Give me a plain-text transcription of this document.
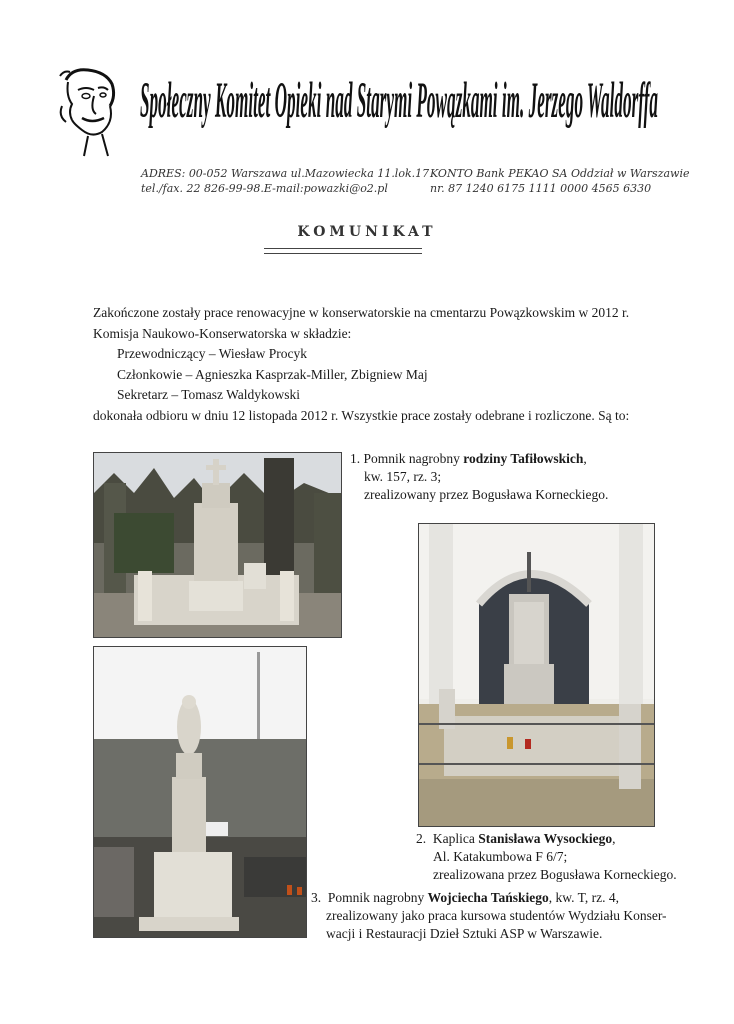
Społeczny Komitet Opieki nad Starymi Powązkami im. Jerzego Waldorffa
ADRES: 00-052 Warszawa ul.Mazowiecka 11.lok.17
tel./fax. 22 826-99-98.E-mail:powazki@o2.pl
KONTO Bank PEKAO SA Oddział w Warszawie
nr. 87 1240 6175 1111 0000 4565 6330
KOMUNIKAT
Zakończone zostały prace renowacyjne w konserwatorskie na cmentarzu Powązkowskim w 2012 r.
Komisja Naukowo-Konserwatorska w składzie:
Przewodniczący – Wiesław Procyk
Członkowie – Agnieszka Kasprzak-Miller, Zbigniew Maj
Sekretarz – Tomasz Waldykowski
dokonała odbioru w dniu 12 listopada 2012 r. Wszystkie prace zostały odebrane i rozliczone. Są to:
1. Pomnik nagrobny rodziny Tafiłowskich,
kw. 157, rz. 3;
zrealizowany przez Bogusława Korneckiego.
2. Kaplica Stanisława Wysockiego,
Al. Katakumbowa F 6/7;
zrealizowana przez Bogusława Korneckiego.
3. Pomnik nagrobny Wojciecha Tańskiego, kw. T, rz. 4,
zrealizowany jako praca kursowa studentów Wydziału Konser-
wacji i Restauracji Dzieł Sztuki ASP w Warszawie.
